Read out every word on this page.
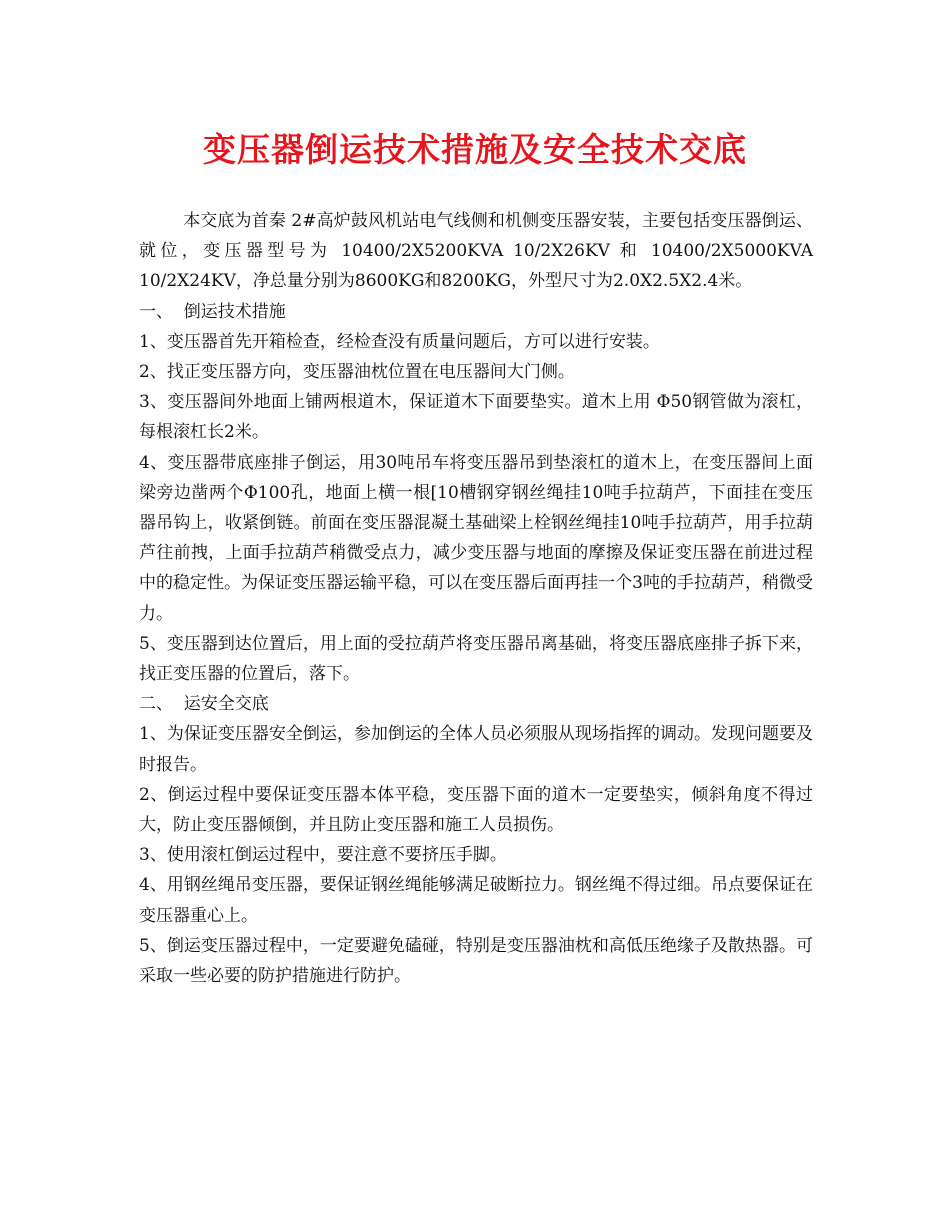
变压器倒运技术措施及安全技术交底

本交底为首秦 2#高炉鼓风机站电气线侧和机侧变压器安装，主要包括变压器倒运、就位，变压器型号为 10400/2X5200KVA 10/2X26KV 和 10400/2X5000KVA 10/2X24KV，净总量分别为8600KG和8200KG，外型尺寸为2.0X2.5X2.4米。

一、  倒运技术措施

1、变压器首先开箱检查，经检查没有质量问题后，方可以进行安装。

2、找正变压器方向，变压器油枕位置在电压器间大门侧。

3、变压器间外地面上铺两根道木，保证道木下面要垫实。道木上用 Φ50钢管做为滚杠，每根滚杠长2米。

4、变压器带底座排子倒运，用30吨吊车将变压器吊到垫滚杠的道木上，在变压器间上面梁旁边凿两个Φ100孔，地面上横一根[10槽钢穿钢丝绳挂10吨手拉葫芦，下面挂在变压器吊钩上，收紧倒链。前面在变压器混凝土基础梁上栓钢丝绳挂10吨手拉葫芦，用手拉葫芦往前拽，上面手拉葫芦稍微受点力，减少变压器与地面的摩擦及保证变压器在前进过程中的稳定性。为保证变压器运输平稳，可以在变压器后面再挂一个3吨的手拉葫芦，稍微受力。

5、变压器到达位置后，用上面的受拉葫芦将变压器吊离基础，将变压器底座排子拆下来，找正变压器的位置后，落下。

二、  运安全交底

1、为保证变压器安全倒运，参加倒运的全体人员必须服从现场指挥的调动。发现问题要及时报告。

2、倒运过程中要保证变压器本体平稳，变压器下面的道木一定要垫实，倾斜角度不得过大，防止变压器倾倒，并且防止变压器和施工人员损伤。

3、使用滚杠倒运过程中，要注意不要挤压手脚。

4、用钢丝绳吊变压器，要保证钢丝绳能够满足破断拉力。钢丝绳不得过细。吊点要保证在变压器重心上。

5、倒运变压器过程中，一定要避免磕碰，特别是变压器油枕和高低压绝缘子及散热器。可采取一些必要的防护措施进行防护。
